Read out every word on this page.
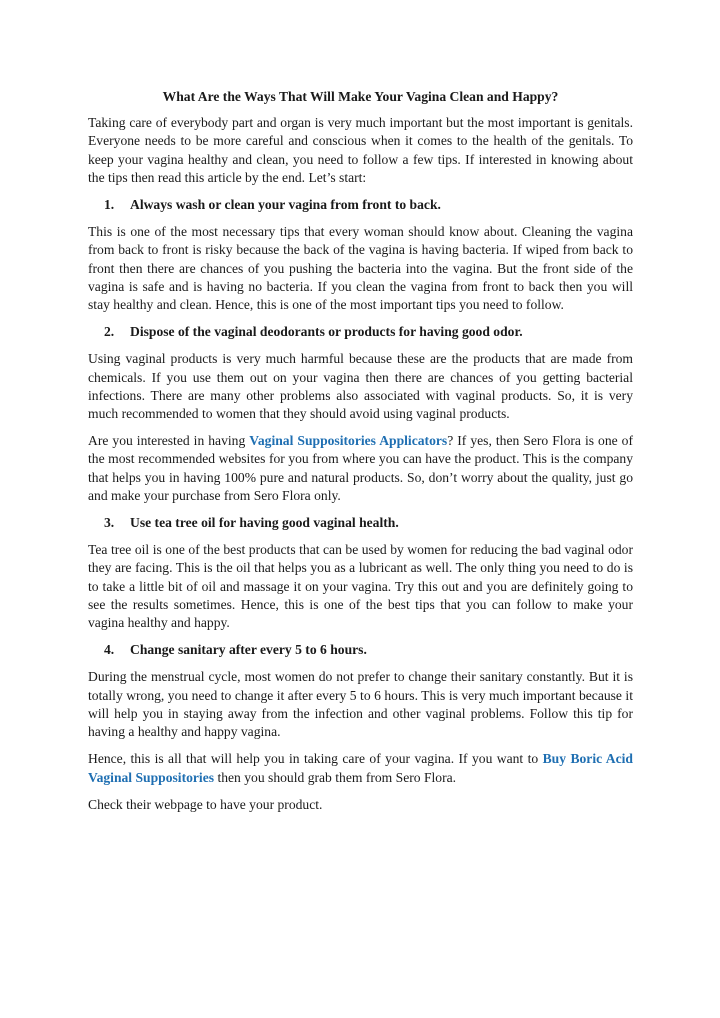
What Are the Ways That Will Make Your Vagina Clean and Happy?

Taking care of everybody part and organ is very much important but the most important is genitals. Everyone needs to be more careful and conscious when it comes to the health of the genitals. To keep your vagina healthy and clean, you need to follow a few tips. If interested in knowing about the tips then read this article by the end. Let’s start:

1. Always wash or clean your vagina from front to back.

This is one of the most necessary tips that every woman should know about. Cleaning the vagina from back to front is risky because the back of the vagina is having bacteria. If wiped from back to front then there are chances of you pushing the bacteria into the vagina. But the front side of the vagina is safe and is having no bacteria. If you clean the vagina from front to back then you will stay healthy and clean. Hence, this is one of the most important tips you need to follow.

2. Dispose of the vaginal deodorants or products for having good odor.

Using vaginal products is very much harmful because these are the products that are made from chemicals. If you use them out on your vagina then there are chances of you getting bacterial infections. There are many other problems also associated with vaginal products. So, it is very much recommended to women that they should avoid using vaginal products.

Are you interested in having Vaginal Suppositories Applicators? If yes, then Sero Flora is one of the most recommended websites for you from where you can have the product. This is the company that helps you in having 100% pure and natural products. So, don’t worry about the quality, just go and make your purchase from Sero Flora only.

3. Use tea tree oil for having good vaginal health.

Tea tree oil is one of the best products that can be used by women for reducing the bad vaginal odor they are facing. This is the oil that helps you as a lubricant as well. The only thing you need to do is to take a little bit of oil and massage it on your vagina. Try this out and you are definitely going to see the results sometimes. Hence, this is one of the best tips that you can follow to make your vagina healthy and happy.

4. Change sanitary after every 5 to 6 hours.

During the menstrual cycle, most women do not prefer to change their sanitary constantly. But it is totally wrong, you need to change it after every 5 to 6 hours. This is very much important because it will help you in staying away from the infection and other vaginal problems. Follow this tip for having a healthy and happy vagina.

Hence, this is all that will help you in taking care of your vagina. If you want to Buy Boric Acid Vaginal Suppositories then you should grab them from Sero Flora.

Check their webpage to have your product.
